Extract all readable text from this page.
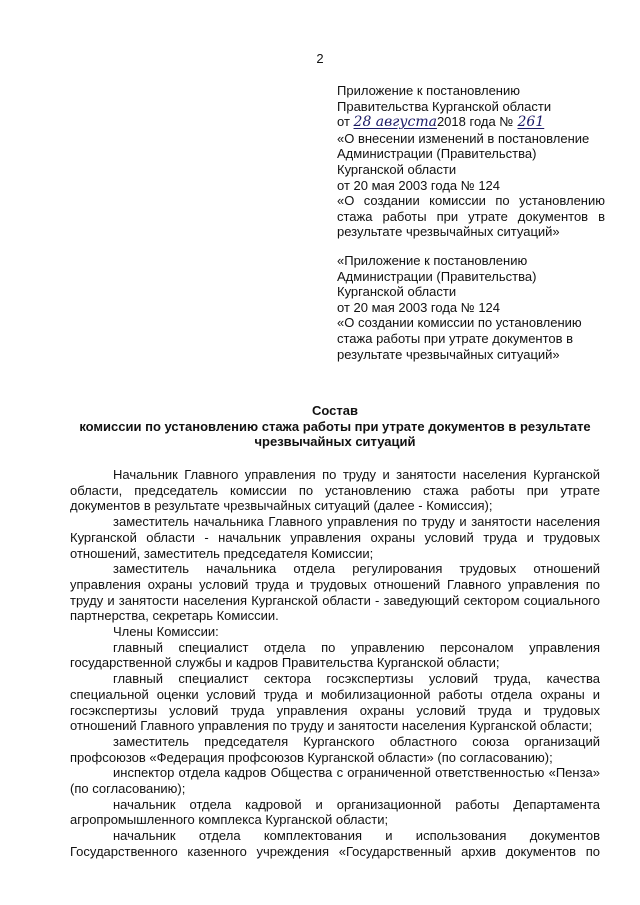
2
Приложение к постановлению
Правительства Курганской области
от 28 августа2018 года № 261
«О внесении изменений в постановление
Администрации (Правительства)
Курганской области
от 20 мая 2003 года № 124
«О создании комиссии по установлению
стажа работы при утрате документов в
результате чрезвычайных ситуаций»
«Приложение к постановлению
Администрации (Правительства)
Курганской области
от 20 мая 2003 года № 124
«О создании комиссии по установлению
стажа работы при утрате документов в
результате чрезвычайных ситуаций»
Состав
комиссии по установлению стажа работы при утрате документов в результате
чрезвычайных ситуаций

Начальник Главного управления по труду и занятости населения Курганской области, председатель комиссии по установлению стажа работы при утрате документов в результате чрезвычайных ситуаций (далее - Комиссия);

заместитель начальника Главного управления по труду и занятости населения Курганской области - начальник управления охраны условий труда и трудовых отношений, заместитель председателя Комиссии;

заместитель начальника отдела регулирования трудовых отношений управления охраны условий труда и трудовых отношений Главного управления по труду и занятости населения Курганской области - заведующий сектором социального партнерства, секретарь Комиссии.

Члены Комиссии:

главный специалист отдела по управлению персоналом управления государственной службы и кадров Правительства Курганской области;

главный специалист сектора госэкспертизы условий труда, качества специальной оценки условий труда и мобилизационной работы отдела охраны и госэкспертизы условий труда управления охраны условий труда и трудовых отношений Главного управления по труду и занятости населения Курганской области;

заместитель председателя Курганского областного союза организаций профсоюзов «Федерация профсоюзов Курганской области» (по согласованию);

инспектор отдела кадров Общества с ограниченной ответственностью «Пенза» (по согласованию);

начальник отдела кадровой и организационной работы Департамента агропромышленного комплекса Курганской области;

начальник отдела комплектования и использования документов Государственного казенного учреждения «Государственный архив документов по
